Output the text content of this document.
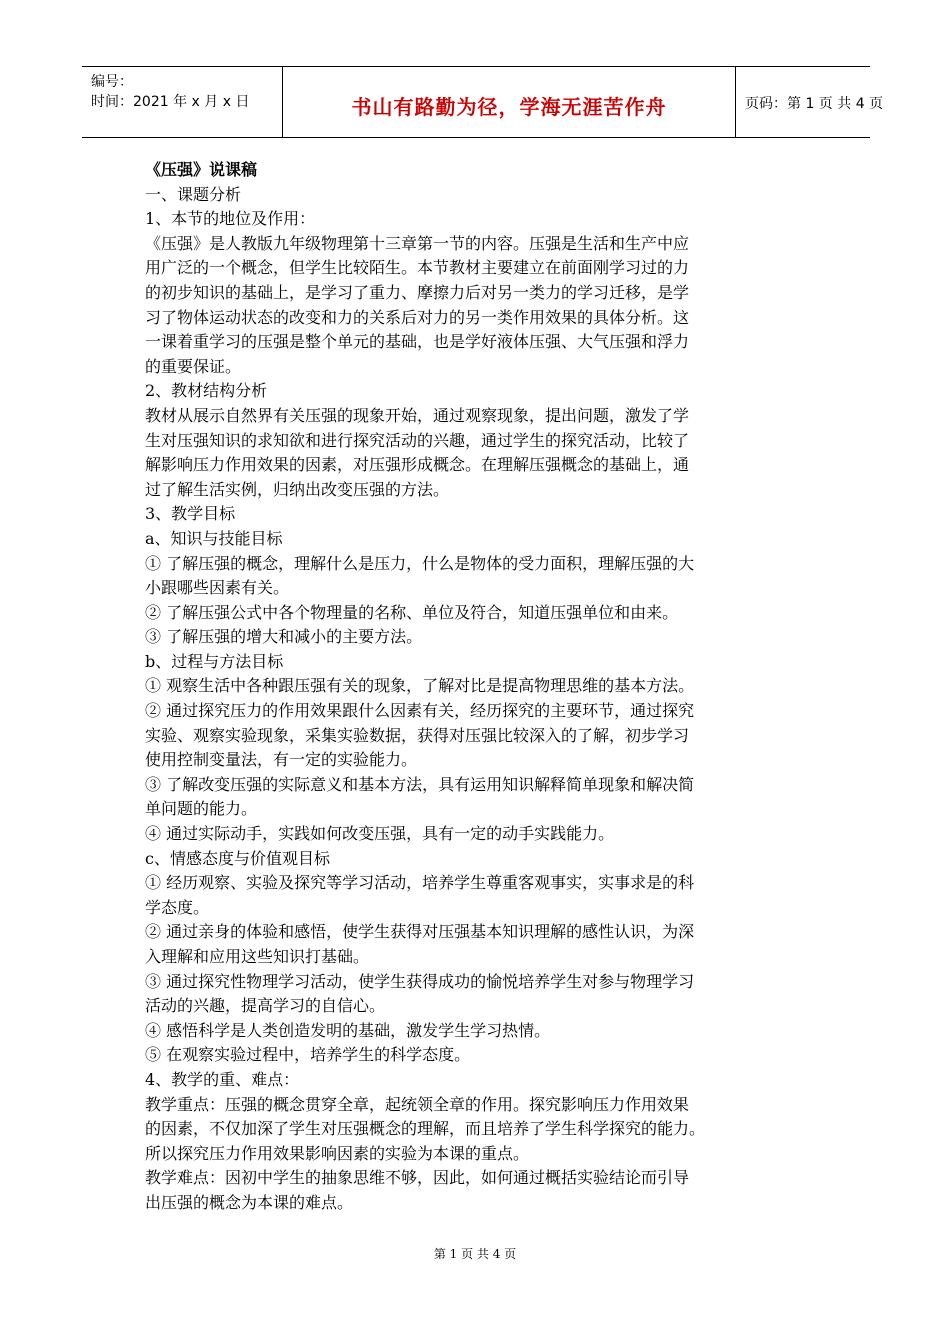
编号：
时间：2021 年 x 月 x 日	书山有路勤为径，学海无涯苦作舟	页码：第 1 页 共 4 页

《压强》说课稿

一、课题分析

1、本节的地位及作用：

《压强》是人教版九年级物理第十三章第一节的内容。压强是生活和生产中应

用广泛的一个概念，但学生比较陌生。本节教材主要建立在前面刚学习过的力

的初步知识的基础上，是学习了重力、摩擦力后对另一类力的学习迁移，是学

习了物体运动状态的改变和力的关系后对力的另一类作用效果的具体分析。这

一课着重学习的压强是整个单元的基础，也是学好液体压强、大气压强和浮力

的重要保证。

2、教材结构分析

教材从展示自然界有关压强的现象开始，通过观察现象，提出问题，激发了学

生对压强知识的求知欲和进行探究活动的兴趣，通过学生的探究活动，比较了

解影响压力作用效果的因素，对压强形成概念。在理解压强概念的基础上，通

过了解生活实例，归纳出改变压强的方法。

3、教学目标

a、知识与技能目标

① 了解压强的概念，理解什么是压力，什么是物体的受力面积，理解压强的大

小跟哪些因素有关。

② 了解压强公式中各个物理量的名称、单位及符合，知道压强单位和由来。

③ 了解压强的增大和减小的主要方法。

b、过程与方法目标

① 观察生活中各种跟压强有关的现象，了解对比是提高物理思维的基本方法。

② 通过探究压力的作用效果跟什么因素有关，经历探究的主要环节，通过探究

实验、观察实验现象，采集实验数据，获得对压强比较深入的了解，初步学习

使用控制变量法，有一定的实验能力。

③ 了解改变压强的实际意义和基本方法，具有运用知识解释简单现象和解决简

单问题的能力。

④ 通过实际动手，实践如何改变压强，具有一定的动手实践能力。

c、情感态度与价值观目标

① 经历观察、实验及探究等学习活动，培养学生尊重客观事实，实事求是的科

学态度。

② 通过亲身的体验和感悟，使学生获得对压强基本知识理解的感性认识，为深

入理解和应用这些知识打基础。

③ 通过探究性物理学习活动，使学生获得成功的愉悦培养学生对参与物理学习

活动的兴趣，提高学习的自信心。

④ 感悟科学是人类创造发明的基础，激发学生学习热情。

⑤ 在观察实验过程中，培养学生的科学态度。

4、教学的重、难点：

教学重点：压强的概念贯穿全章，起统领全章的作用。探究影响压力作用效果

的因素，不仅加深了学生对压强概念的理解，而且培养了学生科学探究的能力。

所以探究压力作用效果影响因素的实验为本课的重点。

教学难点：因初中学生的抽象思维不够，因此，如何通过概括实验结论而引导

出压强的概念为本课的难点。

第 1 页 共 4 页
